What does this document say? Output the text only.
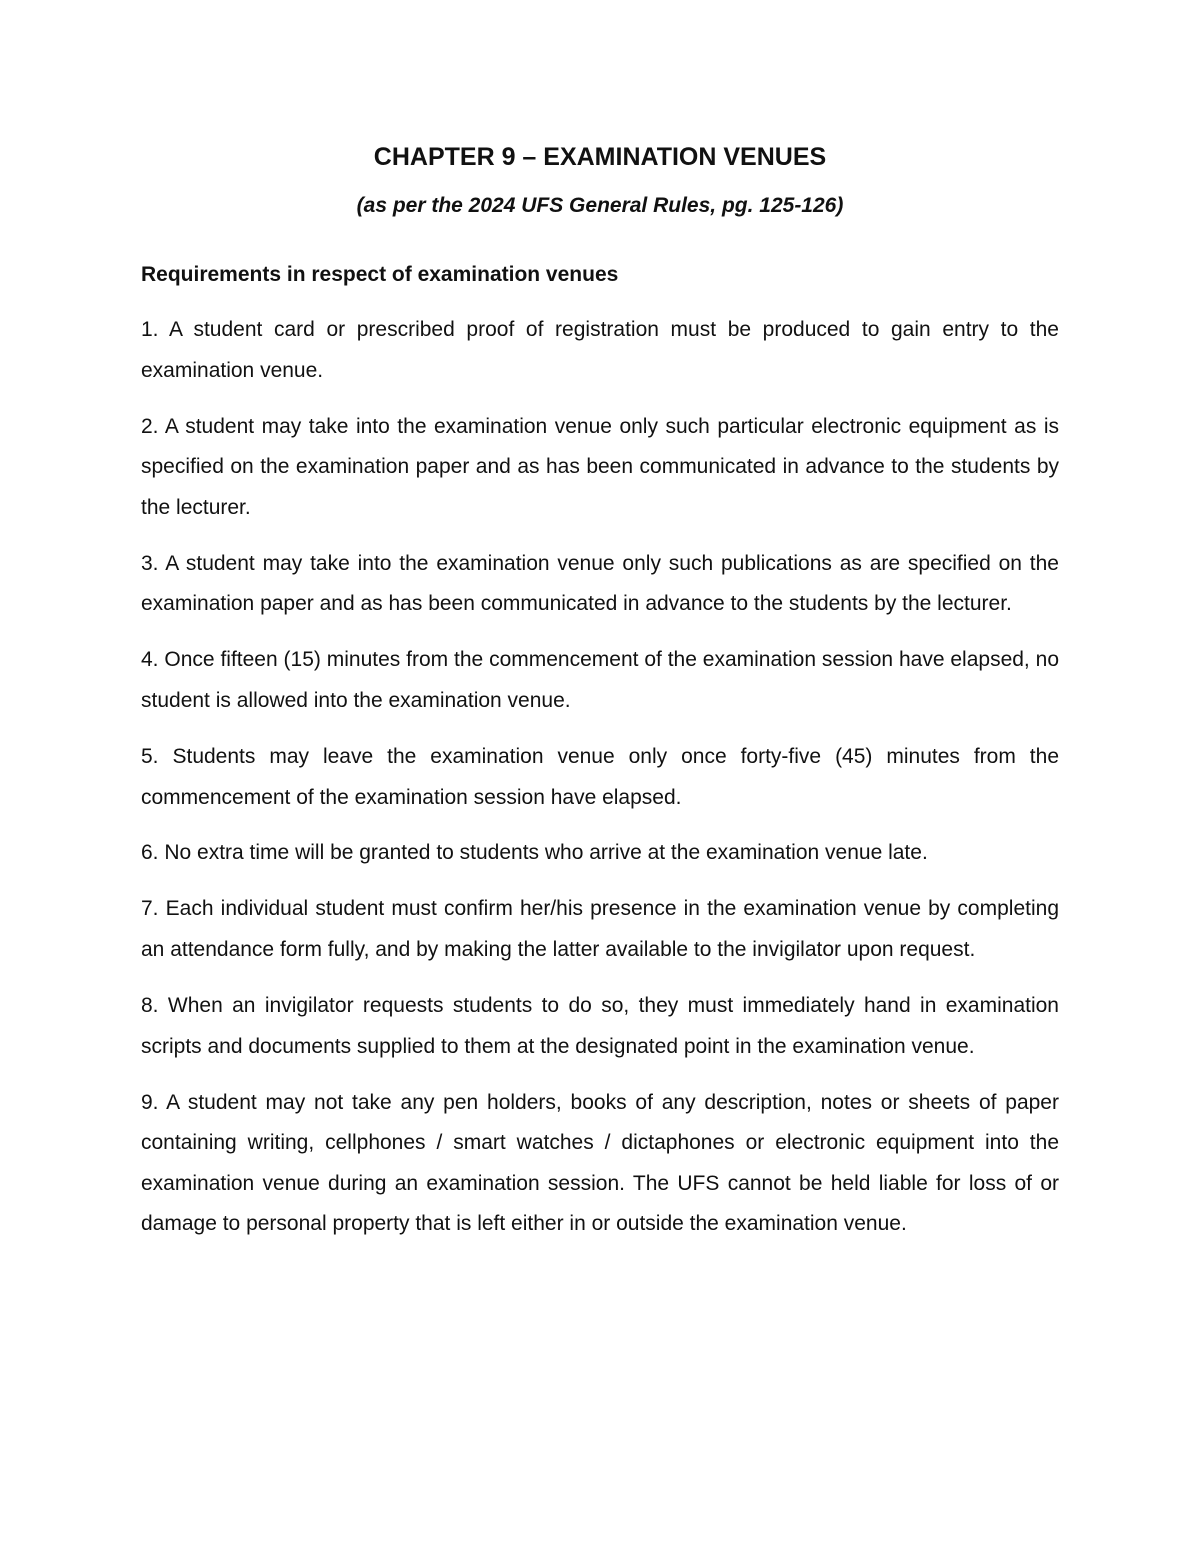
CHAPTER 9 – EXAMINATION VENUES

(as per the 2024 UFS General Rules, pg. 125-126)

Requirements in respect of examination venues
1. A student card or prescribed proof of registration must be produced to gain entry to the examination venue.
2. A student may take into the examination venue only such particular electronic equipment as is specified on the examination paper and as has been communicated in advance to the students by the lecturer.
3. A student may take into the examination venue only such publications as are specified on the examination paper and as has been communicated in advance to the students by the lecturer.
4. Once fifteen (15) minutes from the commencement of the examination session have elapsed, no student is allowed into the examination venue.
5. Students may leave the examination venue only once forty-five (45) minutes from the commencement of the examination session have elapsed.
6. No extra time will be granted to students who arrive at the examination venue late.
7. Each individual student must confirm her/his presence in the examination venue by completing an attendance form fully, and by making the latter available to the invigilator upon request.
8. When an invigilator requests students to do so, they must immediately hand in examination scripts and documents supplied to them at the designated point in the examination venue.
9. A student may not take any pen holders, books of any description, notes or sheets of paper containing writing, cellphones / smart watches / dictaphones or electronic equipment into the examination venue during an examination session. The UFS cannot be held liable for loss of or damage to personal property that is left either in or outside the examination venue.
